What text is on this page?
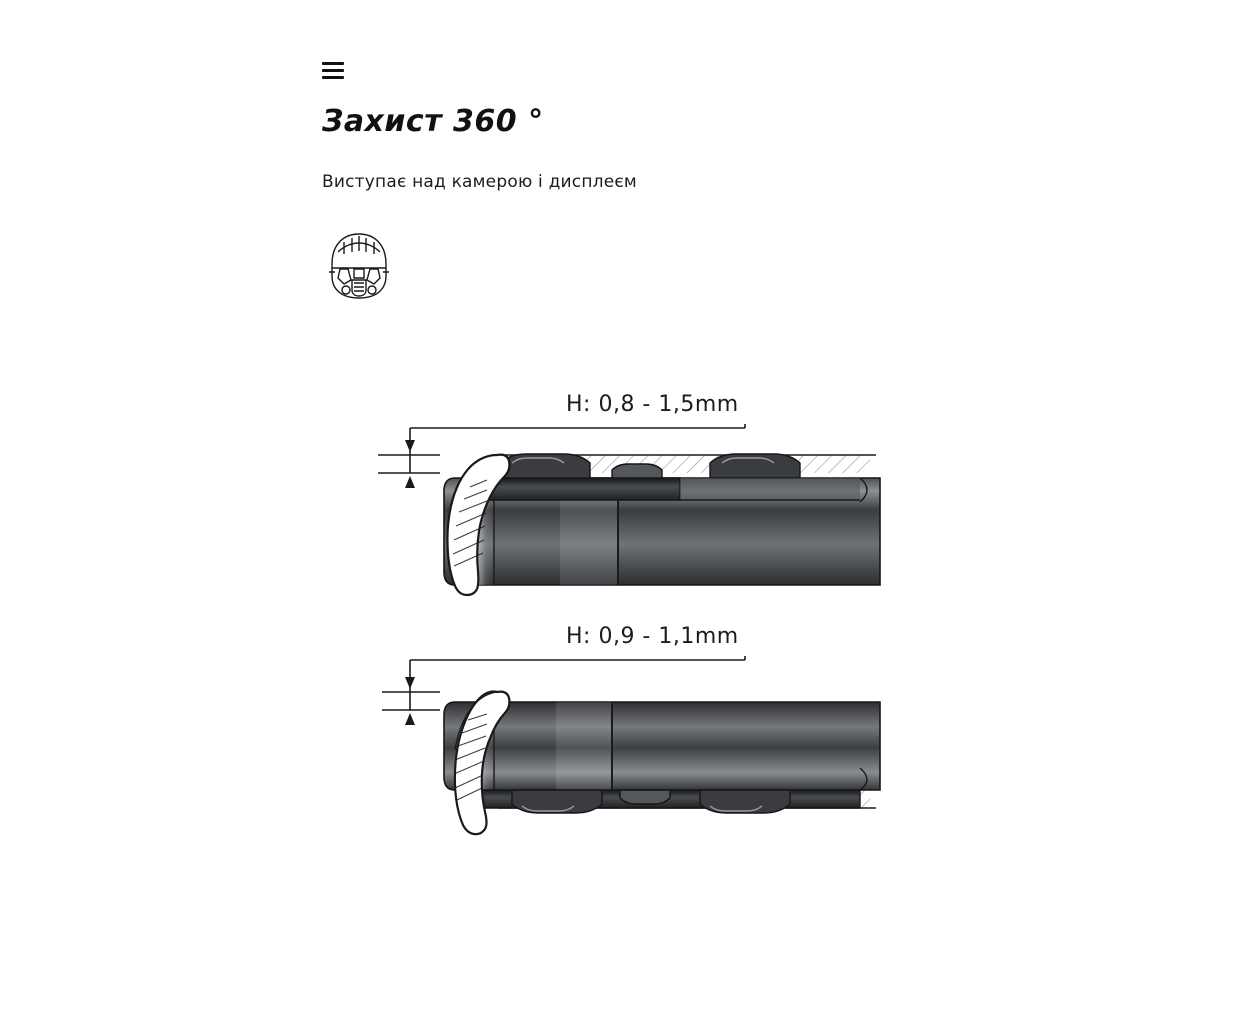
Захист 360 °
Виступає над камерою і дисплеєм
H: 0,8 - 1,5mm
H: 0,9 - 1,1mm
